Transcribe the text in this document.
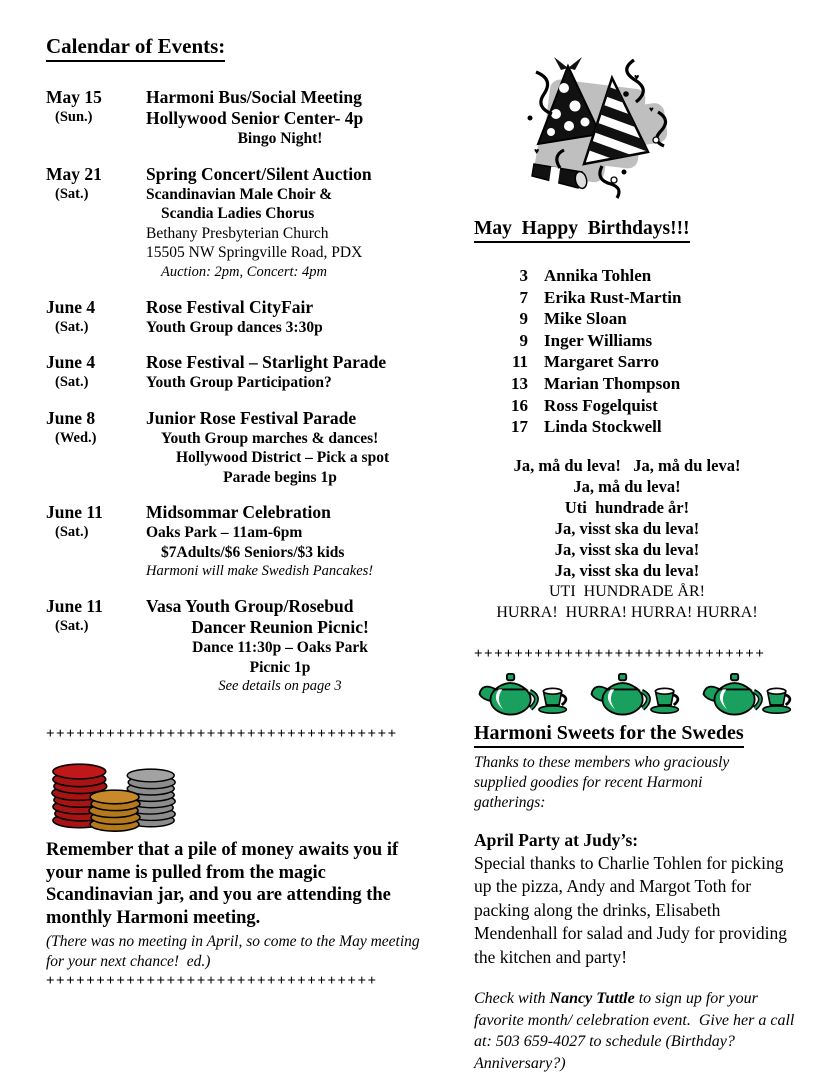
Calendar of Events:
May 15
(Sun.)
Harmoni Bus/Social Meeting
Hollywood Senior Center- 4p
Bingo Night!
May 21
(Sat.)
Spring Concert/Silent Auction
Scandinavian Male Choir &
Scandia Ladies Chorus
Bethany Presbyterian Church
15505 NW Springville Road, PDX
Auction: 2pm, Concert: 4pm
June 4
(Sat.)
Rose Festival CityFair
Youth Group dances 3:30p
June 4
(Sat.)
Rose Festival – Starlight Parade
Youth Group Participation?
June 8
(Wed.)
Junior Rose Festival Parade
Youth Group marches & dances!
Hollywood District – Pick a spot
Parade begins 1p
June 11
(Sat.)
Midsommar Celebration
Oaks Park – 11am-6pm
$7Adults/$6 Seniors/$3 kids
Harmoni will make Swedish Pancakes!
June 11
(Sat.)
Vasa Youth Group/Rosebud
Dancer Reunion Picnic!
Dance 11:30p – Oaks Park
Picnic 1p
See details on page 3
+++++++++++++++++++++++++++++++++++

Remember that a pile of money awaits you if your name is pulled from the magic Scandinavian jar, and you are attending the monthly Harmoni meeting.

(There was no meeting in April, so come to the May meeting for your next chance!  ed.)

+++++++++++++++++++++++++++++++++
♥
♥
♥
May  Happy  Birthdays!!!
3 Annika Tohlen
7 Erika Rust-Martin
9 Mike Sloan
9 Inger Williams
11 Margaret Sarro
13 Marian Thompson
16 Ross Fogelquist
17 Linda Stockwell
Ja, må du leva!   Ja, må du leva!
Ja, må du leva!
Uti  hundrade år!
Ja, visst ska du leva!
Ja, visst ska du leva!
Ja, visst ska du leva!
UTI  HUNDRADE ÅR!
HURRA!  HURRA! HURRA! HURRA!
+++++++++++++++++++++++++++++
Harmoni Sweets for the Swedes

Thanks to these members who graciously supplied goodies for recent Harmoni gatherings:

April Party at Judy’s:

Special thanks to Charlie Tohlen for picking up the pizza, Andy and Margot Toth for packing along the drinks, Elisabeth Mendenhall for salad and Judy for providing the kitchen and party!

Check with Nancy Tuttle to sign up for your favorite month/ celebration event.  Give her a call at: 503 659-4027 to schedule (Birthday? Anniversary?)
